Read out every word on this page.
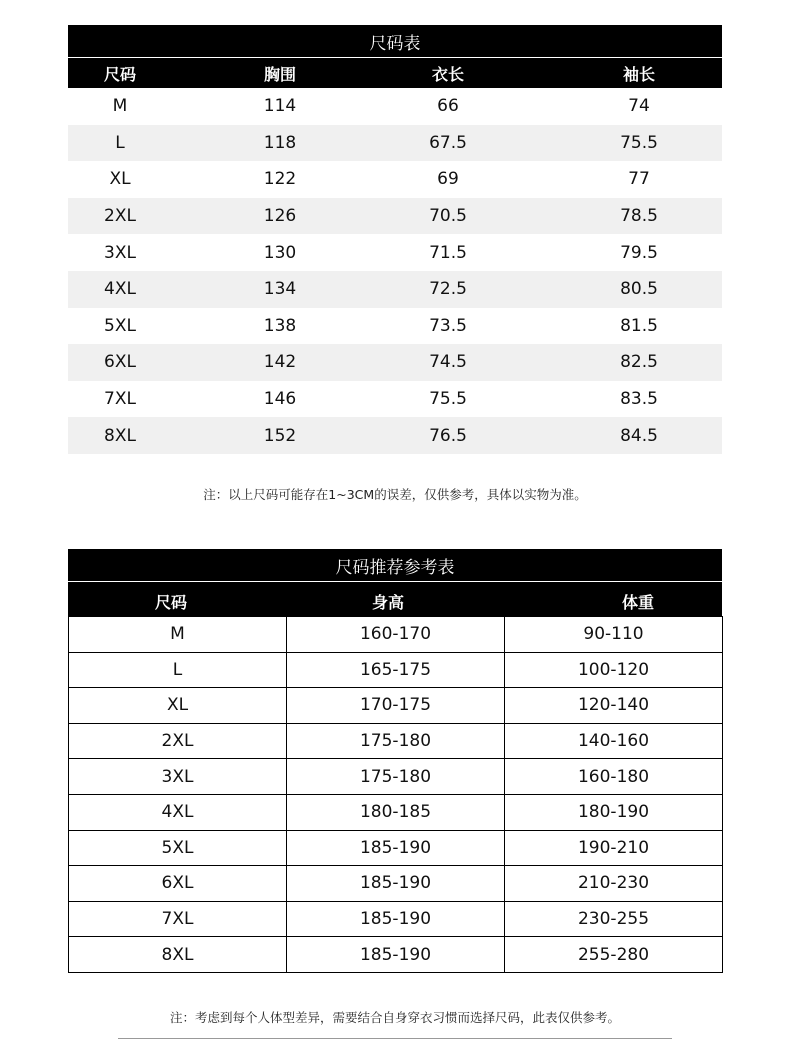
尺码表
尺码	胸围	衣长	袖长
M	114	66	74
L	118	67.5	75.5
XL	122	69	77
2XL	126	70.5	78.5
3XL	130	71.5	79.5
4XL	134	72.5	80.5
5XL	138	73.5	81.5
6XL	142	74.5	82.5
7XL	146	75.5	83.5
8XL	152	76.5	84.5
注：以上尺码可能存在1~3CM的误差，仅供参考，具体以实物为准。
尺码推荐参考表
尺码	身高	体重
M	160-170	90-110
L	165-175	100-120
XL	170-175	120-140
2XL	175-180	140-160
3XL	175-180	160-180
4XL	180-185	180-190
5XL	185-190	190-210
6XL	185-190	210-230
7XL	185-190	230-255
8XL	185-190	255-280
注：考虑到每个人体型差异，需要结合自身穿衣习惯而选择尺码，此表仅供参考。
